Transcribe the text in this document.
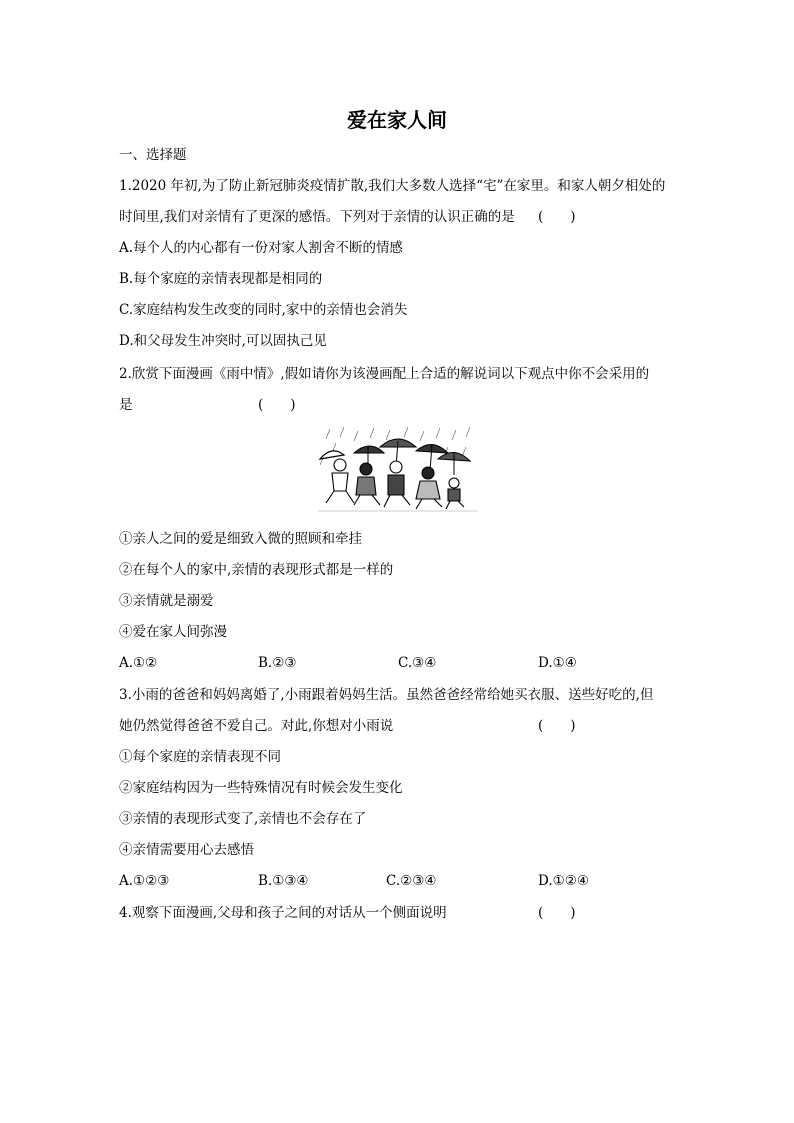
爱在家人间
一、选择题
1.2020 年初,为了防止新冠肺炎疫情扩散,我们大多数人选择“宅”在家里。和家人朝夕相处的
时间里,我们对亲情有了更深的感悟。下列对于亲情的认识正确的是 (　　)
A.每个人的内心都有一份对家人割舍不断的情感
B.每个家庭的亲情表现都是相同的
C.家庭结构发生改变的同时,家中的亲情也会消失
D.和父母发生冲突时,可以固执己见
2.欣赏下面漫画《雨中情》,假如请你为该漫画配上合适的解说词以下观点中你不会采用的
是	(　　)
①亲人之间的爱是细致入微的照顾和牵挂
②在每个人的家中,亲情的表现形式都是一样的
③亲情就是溺爱
④爱在家人间弥漫
A.①②	B.②③	C.③④	D.①④
3.小雨的爸爸和妈妈离婚了,小雨跟着妈妈生活。虽然爸爸经常给她买衣服、送些好吃的,但
她仍然觉得爸爸不爱自己。对此,你想对小雨说	(　　)
①每个家庭的亲情表现不同
②家庭结构因为一些特殊情况有时候会发生变化
③亲情的表现形式变了,亲情也不会存在了
④亲情需要用心去感悟
A.①②③	B.①③④	C.②③④	D.①②④
4.观察下面漫画,父母和孩子之间的对话从一个侧面说明	(　　)
